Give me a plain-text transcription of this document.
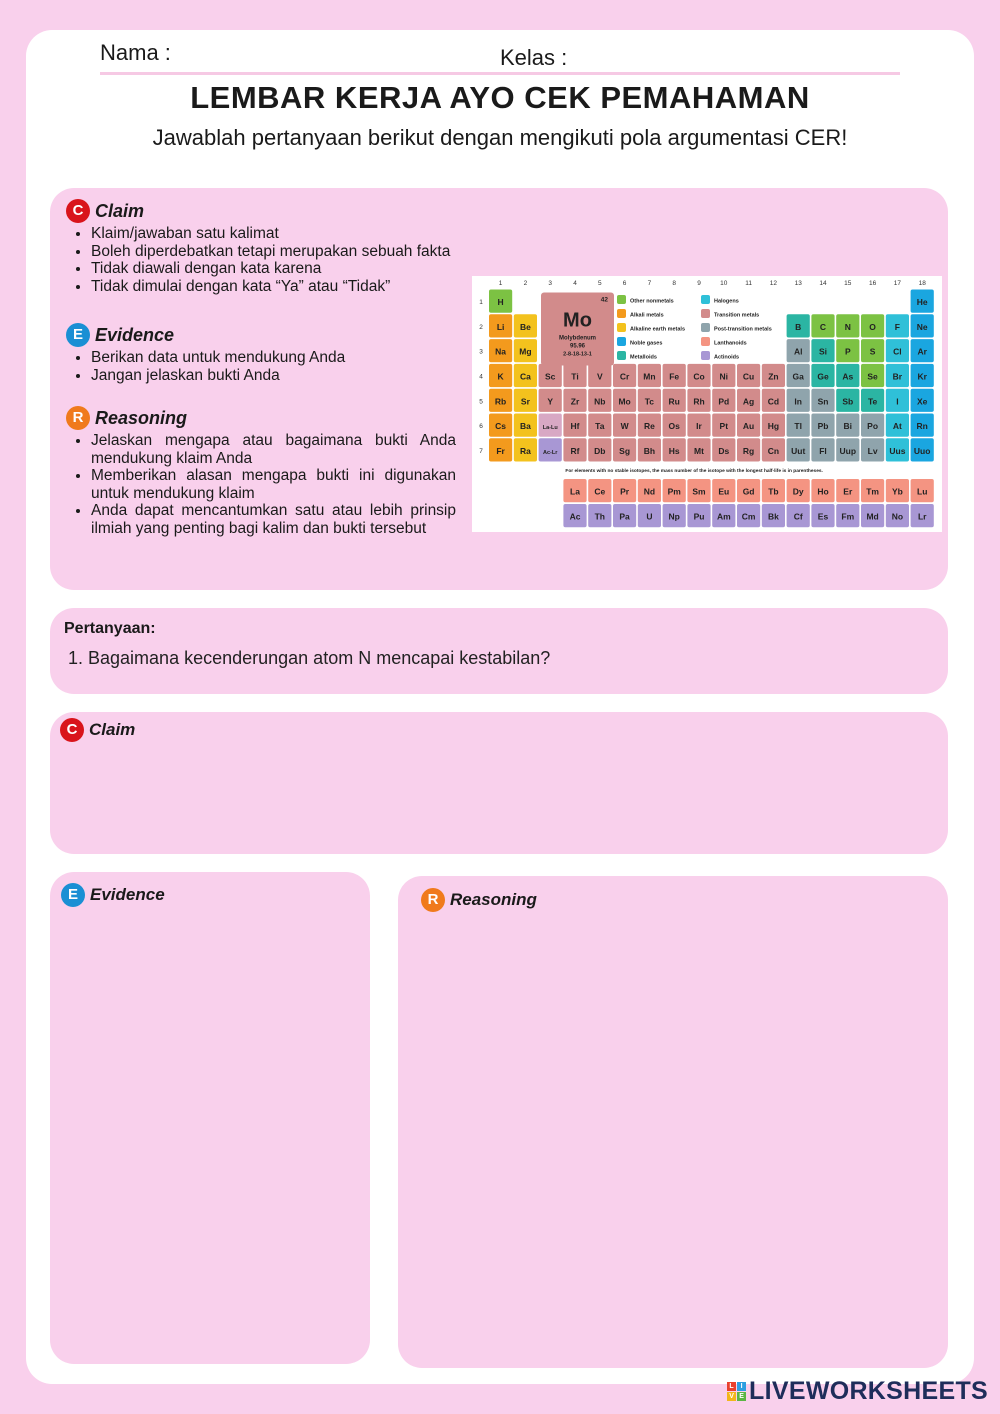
Nama :	Kelas :
LEMBAR KERJA AYO CEK PEMAHAMAN
Jawablah pertanyaan berikut dengan mengikuti pola argumentasi CER!
C Claim
• Klaim/jawaban satu kalimat
• Boleh diperdebatkan tetapi merupakan sebuah fakta
• Tidak diawali dengan kata karena
• Tidak dimulai dengan kata “Ya” atau “Tidak”
E Evidence
• Berikan data untuk mendukung Anda
• Jangan jelaskan bukti Anda
R Reasoning
• Jelaskan mengapa atau bagaimana bukti Anda mendukung klaim Anda
• Memberikan alasan mengapa bukti ini digunakan untuk mendukung klaim
• Anda dapat mencantumkan satu atau lebih prinsip ilmiah yang penting bagi kalim dan bukti tersebut
1	2	3	4	5	6	7	8	9	10	11	12	13	14	15	16	17	18
1
2
3
4
5
6
7
H	He
Li Be	B C N O F Ne
Na Mg	Al Si P S Cl Ar
K Ca Sc Ti V Cr Mn Fe Co Ni Cu Zn Ga Ge As Se Br Kr
Rb Sr Y Zr Nb Mo Tc Ru Rh Pd Ag Cd In Sn Sb Te I Xe
Cs Ba La-Lu Hf Ta W Re Os Ir Pt Au Hg Tl Pb Bi Po At Rn
Fr Ra Ac-Lr Rf Db Sg Bh Hs Mt Ds Rg Cn Uut Fl Uup Lv Uus Uuo
42
Mo
Molybdenum
95.96
2-8-18-13-1
Other nonmetals
Alkali metals
Alkaline earth metals
Noble gases
Metalloids
Halogens
Transition metals
Post-transition metals
Lanthanoids
Actinoids
For elements with no stable isotopes, the mass number of the isotope with the longest half-life is in parentheses.
La Ce Pr Nd Pm Sm Eu Gd Tb Dy Ho Er Tm Yb Lu
Ac Th Pa U Np Pu Am Cm Bk Cf Es Fm Md No Lr
Pertanyaan:
1. Bagaimana kecenderungan atom N mencapai kestabilan?
C Claim
E Evidence	R Reasoning
L I
V E LIVEWORKSHEETS
